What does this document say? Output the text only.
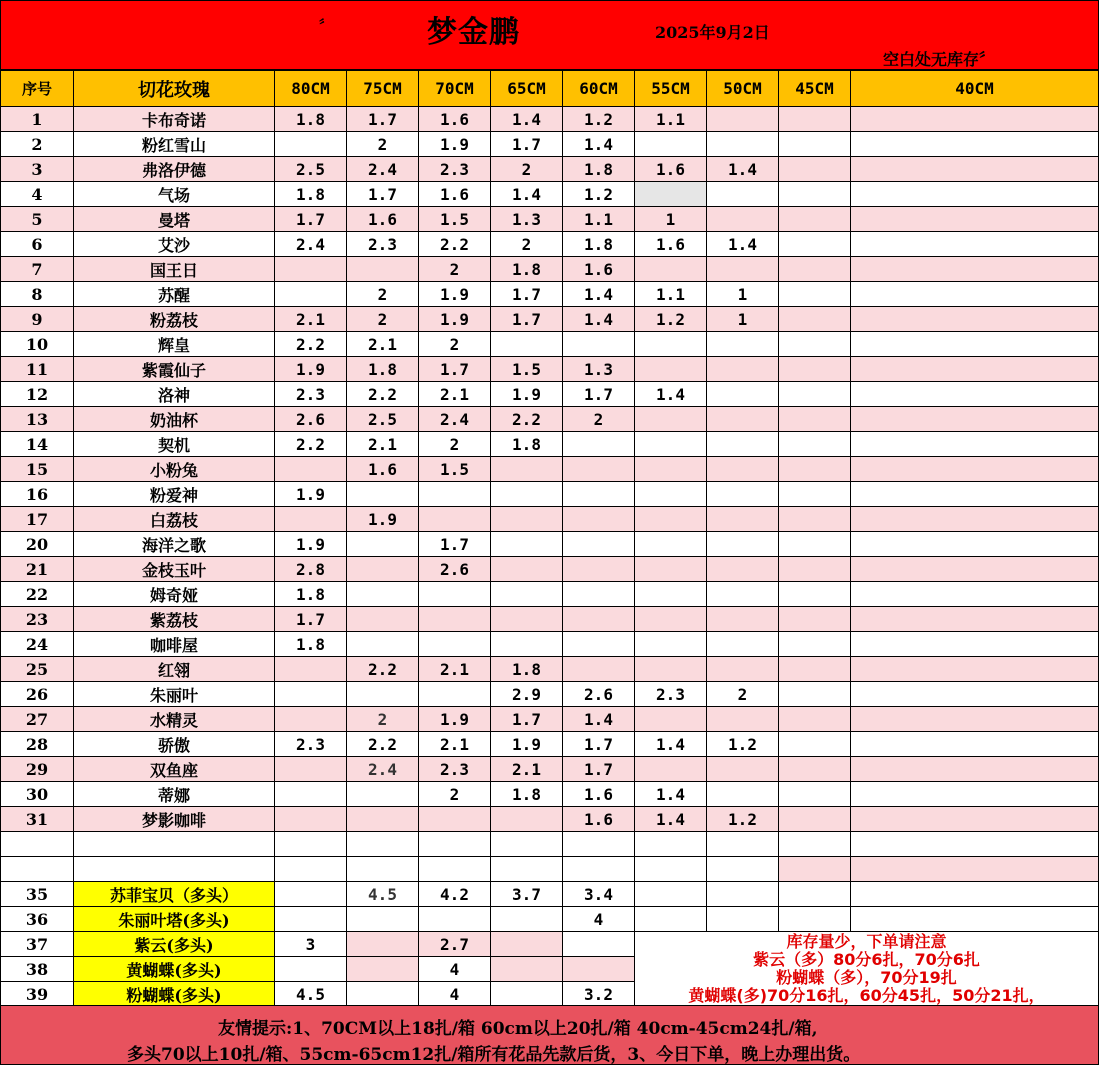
〞	梦金鹏	2025年9月2日
空白处无库存〞
序号	切花玫瑰	80CM	75CM	70CM	65CM	60CM	55CM	50CM	45CM	40CM
1	卡布奇诺	1.8	1.7	1.6	1.4	1.2	1.1			
2	粉红雪山		2	1.9	1.7	1.4				
3	弗洛伊德	2.5	2.4	2.3	2	1.8	1.6	1.4		
4	气场	1.8	1.7	1.6	1.4	1.2				
5	曼塔	1.7	1.6	1.5	1.3	1.1	1			
6	艾沙	2.4	2.3	2.2	2	1.8	1.6	1.4		
7	国王日			2	1.8	1.6				
8	苏醒		2	1.9	1.7	1.4	1.1	1		
9	粉荔枝	2.1	2	1.9	1.7	1.4	1.2	1		
10	辉皇	2.2	2.1	2						
11	紫霞仙子	1.9	1.8	1.7	1.5	1.3				
12	洛神	2.3	2.2	2.1	1.9	1.7	1.4			
13	奶油杯	2.6	2.5	2.4	2.2	2				
14	契机	2.2	2.1	2	1.8					
15	小粉兔		1.6	1.5						
16	粉爱神	1.9								
17	白荔枝		1.9							
20	海洋之歌	1.9		1.7						
21	金枝玉叶	2.8		2.6						
22	姆奇娅	1.8								
23	紫荔枝	1.7								
24	咖啡屋	1.8								
25	红翎		2.2	2.1	1.8					
26	朱丽叶				2.9	2.6	2.3	2		
27	水精灵		2	1.9	1.7	1.4				
28	骄傲	2.3	2.2	2.1	1.9	1.7	1.4	1.2		
29	双鱼座		2.4	2.3	2.1	1.7				
30	蒂娜			2	1.8	1.6	1.4			
31	梦影咖啡					1.6	1.4	1.2		

35	苏菲宝贝（多头）		4.5	4.2	3.7	3.4				
36	朱丽叶塔(多头)					4				
37	紫云(多头)	3		2.7			库存量少，下单请注意
紫云（多）80分6扎，70分6扎
粉蝴蝶（多），70分19扎
黄蝴蝶(多)70分16扎，60分45扎，50分21扎，			

38	黄蝴蝶(多头)			4						
39	粉蝴蝶(多头)	4.5		4		3.2				
友情提示:1、70CM以上18扎/箱 60cm以上20扎/箱 40cm-45cm24扎/箱,
多头70以上10扎/箱、55cm-65cm12扎/箱所有花品先款后货，3、今日下单，晚上办理出货。
